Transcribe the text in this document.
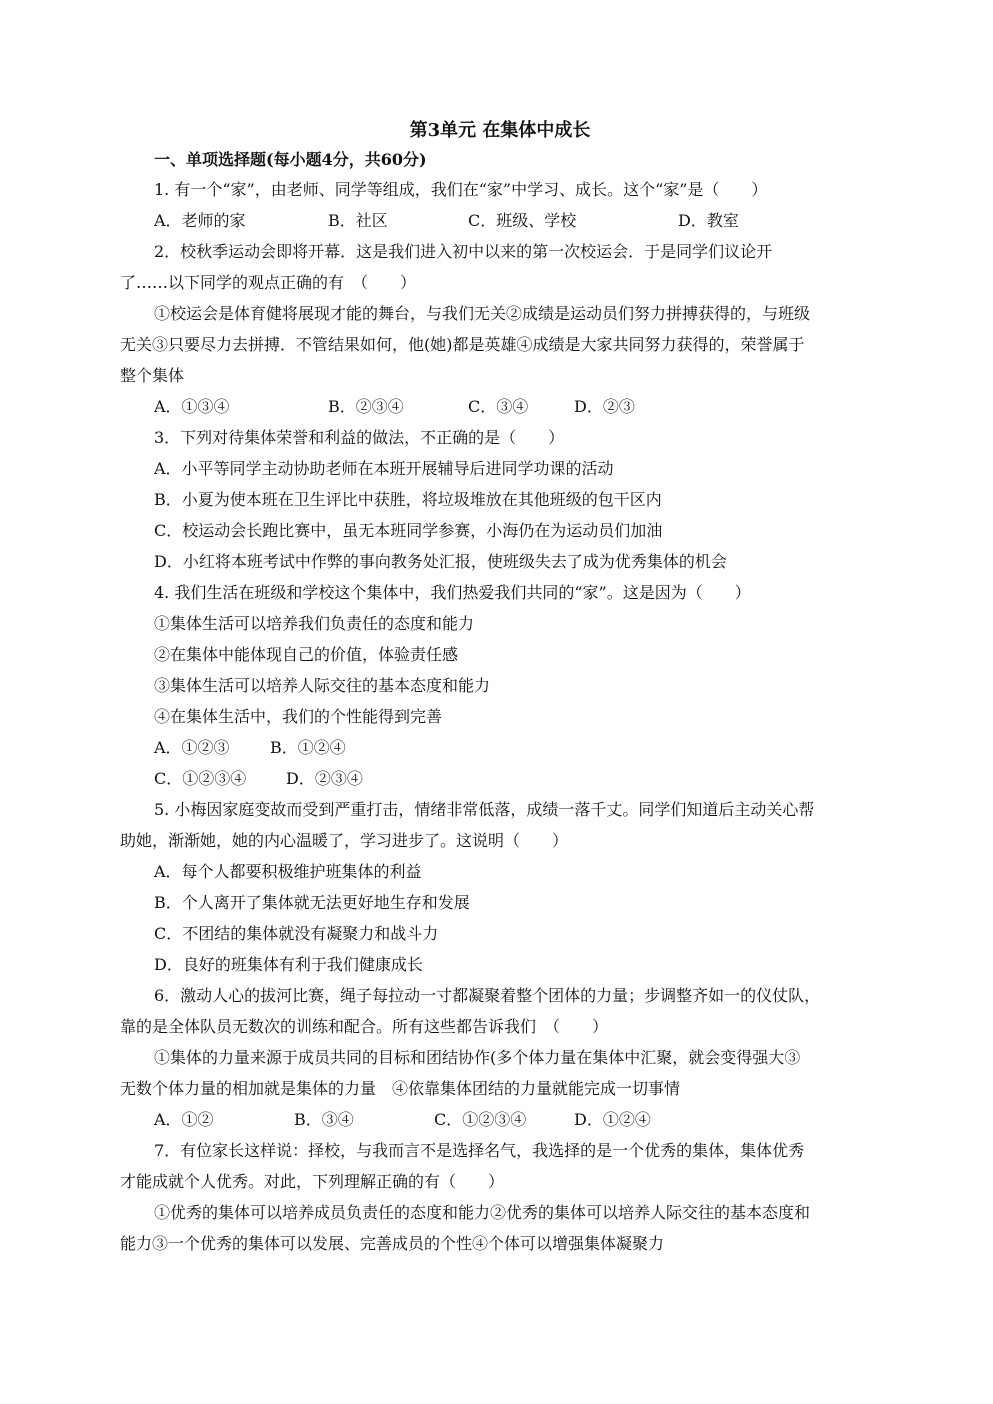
第3单元 在集体中成长
一、单项选择题(每小题4分，共60分)
1. 有一个“家”，由老师、同学等组成，我们在“家”中学习、成长。这个“家”是（　　）
A．老师的家	B．社区	C．班级、学校	D．教室
2．校秋季运动会即将开幕．这是我们进入初中以来的第一次校运会．于是同学们议论开
了……以下同学的观点正确的有　（　　）
①校运会是体育健将展现才能的舞台，与我们无关②成绩是运动员们努力拼搏获得的，与班级
无关③只要尽力去拼搏．不管结果如何，他(她)都是英雄④成绩是大家共同努力获得的，荣誉属于
整个集体
A．①③④	B．②③④	C．③④	D．②③
3．下列对待集体荣誉和利益的做法，不正确的是（　　）
A．小平等同学主动协助老师在本班开展辅导后进同学功课的活动
B．小夏为使本班在卫生评比中获胜，将垃圾堆放在其他班级的包干区内
C．校运动会长跑比赛中，虽无本班同学参赛，小海仍在为运动员们加油
D．小红将本班考试中作弊的事向教务处汇报，使班级失去了成为优秀集体的机会
4. 我们生活在班级和学校这个集体中，我们热爱我们共同的“家”。这是因为（　　）
①集体生活可以培养我们负责任的态度和能力
②在集体中能体现自己的价值，体验责任感
③集体生活可以培养人际交往的基本态度和能力
④在集体生活中，我们的个性能得到完善
A．①②③	B．①②④
C．①②③④	D．②③④
5. 小梅因家庭变故而受到严重打击，情绪非常低落，成绩一落千丈。同学们知道后主动关心帮
助她，渐渐她，她的内心温暖了，学习进步了。这说明（　　）
A．每个人都要积极维护班集体的利益
B．个人离开了集体就无法更好地生存和发展
C．不团结的集体就没有凝聚力和战斗力
D．良好的班集体有利于我们健康成长
6．激动人心的拔河比赛，绳子每拉动一寸都凝聚着整个团体的力量；步调整齐如一的仪仗队，
靠的是全体队员无数次的训练和配合。所有这些都告诉我们　（　　）
①集体的力量来源于成员共同的目标和团结协作(多个体力量在集体中汇聚，就会变得强大③
无数个体力量的相加就是集体的力量　④依靠集体团结的力量就能完成一切事情
A．①②	B．③④	C．①②③④	D．①②④
7．有位家长这样说：择校，与我而言不是选择名气，我选择的是一个优秀的集体，集体优秀
才能成就个人优秀。对此，下列理解正确的有（　　）
①优秀的集体可以培养成员负责任的态度和能力②优秀的集体可以培养人际交往的基本态度和
能力③一个优秀的集体可以发展、完善成员的个性④个体可以增强集体凝聚力
